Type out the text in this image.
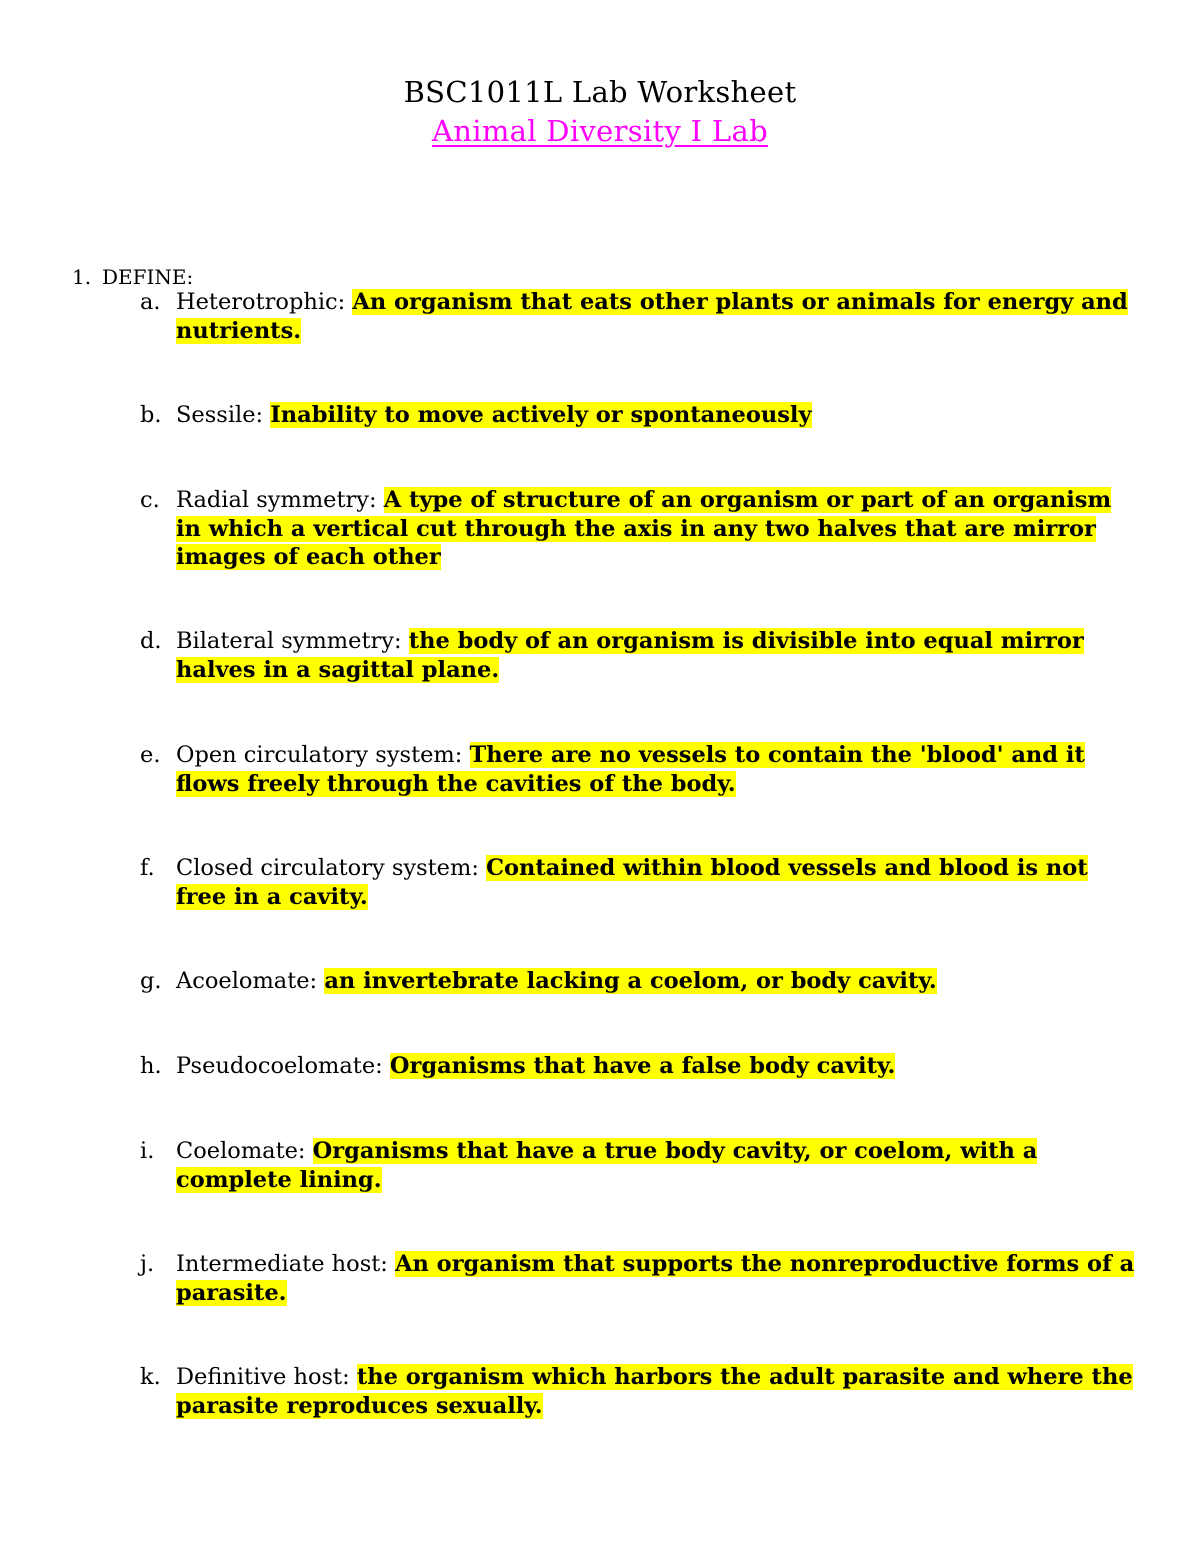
BSC1011L Lab Worksheet
Animal Diversity I Lab
1. DEFINE:
a. Heterotrophic: An organism that eats other plants or animals for energy and nutrients.
b. Sessile: Inability to move actively or spontaneously
c. Radial symmetry: A type of structure of an organism or part of an organism in which a vertical cut through the axis in any two halves that are mirror images of each other
d. Bilateral symmetry: the body of an organism is divisible into equal mirror halves in a sagittal plane.
e. Open circulatory system: There are no vessels to contain the 'blood' and it flows freely through the cavities of the body.
f. Closed circulatory system: Contained within blood vessels and blood is not free in a cavity.
g. Acoelomate: an invertebrate lacking a coelom, or body cavity.
h. Pseudocoelomate: Organisms that have a false body cavity.
i. Coelomate: Organisms that have a true body cavity, or coelom, with a complete lining.
j. Intermediate host: An organism that supports the nonreproductive forms of a parasite.
k. Definitive host: the organism which harbors the adult parasite and where the parasite reproduces sexually.
